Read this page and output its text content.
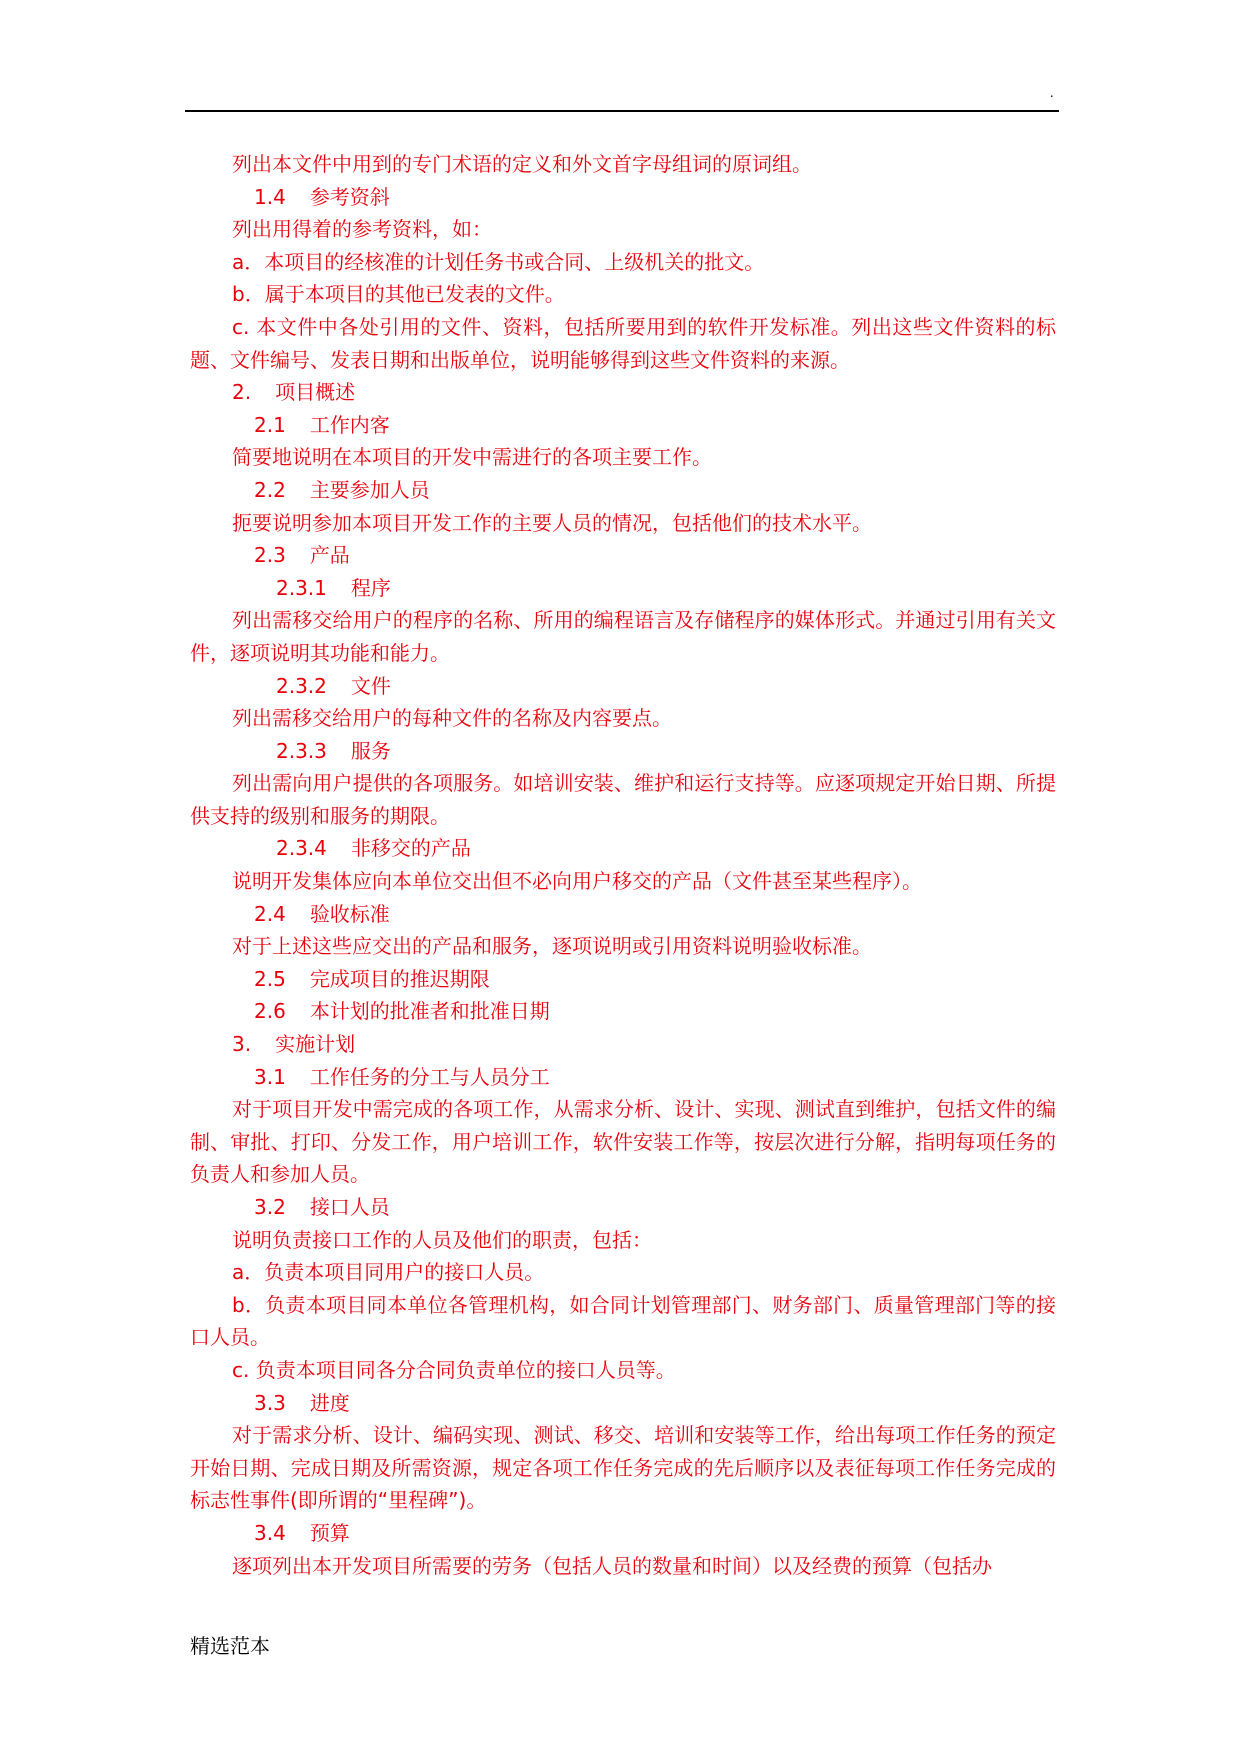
.

列出本文件中用到的专门术语的定义和外文首字母组词的原词组。

1.4 参考资斜

列出用得着的参考资料，如：

a．本项目的经核准的计划任务书或合同、上级机关的批文。

b．属于本项目的其他已发表的文件。

c. 本文件中各处引用的文件、资料，包括所要用到的软件开发标准。列出这些文件资料的标题、文件编号、发表日期和出版单位，说明能够得到这些文件资料的来源。

2. 项目概述

2.1 工作内客

简要地说明在本项目的开发中需进行的各项主要工作。

2.2 主要参加人员

扼要说明参加本项目开发工作的主要人员的情况，包括他们的技术水平。

2.3 产品

2.3.1 程序

列出需移交给用户的程序的名称、所用的编程语言及存储程序的媒体形式。并通过引用有关文件，逐项说明其功能和能力。

2.3.2 文件

列出需移交给用户的每种文件的名称及内容要点。

2.3.3 服务

列出需向用户提供的各项服务。如培训安装、维护和运行支持等。应逐项规定开始日期、所提供支持的级别和服务的期限。

2.3.4 非移交的产品

说明开发集体应向本单位交出但不必向用户移交的产品（文件甚至某些程序）。

2.4 验收标准

对于上述这些应交出的产品和服务，逐项说明或引用资料说明验收标准。

2.5 完成项目的推迟期限

2.6 本计划的批准者和批准日期

3. 实施计划

3.1 工作任务的分工与人员分工

对于项目开发中需完成的各项工作，从需求分析、设计、实现、测试直到维护，包括文件的编制、审批、打印、分发工作，用户培训工作，软件安装工作等，按层次进行分解，指明每项任务的负责人和参加人员。

3.2 接口人员

说明负责接口工作的人员及他们的职责，包括：

a．负责本项目同用户的接口人员。

b．负责本项目同本单位各管理机构，如合同计划管理部门、财务部门、质量管理部门等的接口人员。

c. 负责本项目同各分合同负责单位的接口人员等。

3.3 进度

对于需求分析、设计、编码实现、测试、移交、培训和安装等工作，给出每项工作任务的预定开始日期、完成日期及所需资源，规定各项工作任务完成的先后顺序以及表征每项工作任务完成的标志性事件(即所谓的“里程碑”)。

3.4 预算

逐项列出本开发项目所需要的劳务（包括人员的数量和时间）以及经费的预算（包括办

精选范本
